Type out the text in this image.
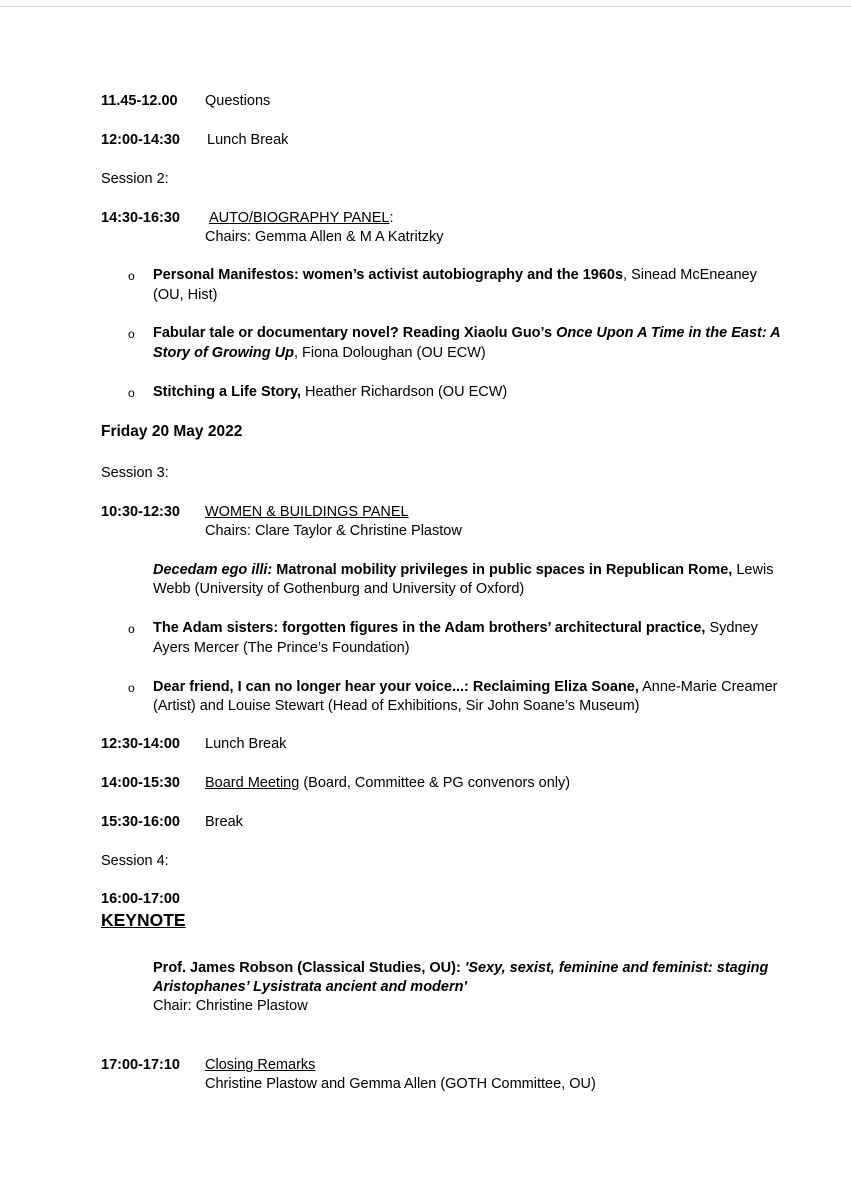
11.45-12.00 Questions
12:00-14:30 Lunch Break
Session 2:
14:30-16:30 AUTO/BIOGRAPHY PANEL:
Chairs: Gemma Allen & M A Katritzky
o Personal Manifestos: women’s activist autobiography and the 1960s, Sinead McEneaney
(OU, Hist)
o Fabular tale or documentary novel? Reading Xiaolu Guo’s Once Upon A Time in the East: A
Story of Growing Up, Fiona Doloughan (OU ECW)
o Stitching a Life Story, Heather Richardson (OU ECW)
Friday 20 May 2022
Session 3:
10:30-12:30 WOMEN & BUILDINGS PANEL
Chairs: Clare Taylor & Christine Plastow
Decedam ego illi: Matronal mobility privileges in public spaces in Republican Rome, Lewis
Webb (University of Gothenburg and University of Oxford)
o The Adam sisters: forgotten figures in the Adam brothers’ architectural practice, Sydney
Ayers Mercer (The Prince’s Foundation)
o Dear friend, I can no longer hear your voice...: Reclaiming Eliza Soane, Anne-Marie Creamer
(Artist) and Louise Stewart (Head of Exhibitions, Sir John Soane’s Museum)
12:30-14:00 Lunch Break
14:00-15:30 Board Meeting (Board, Committee & PG convenors only)
15:30-16:00 Break
Session 4:
16:00-17:00
KEYNOTE
Prof. James Robson (Classical Studies, OU): 'Sexy, sexist, feminine and feminist: staging
Aristophanes’ Lysistrata ancient and modern'
Chair: Christine Plastow
17:00-17:10 Closing Remarks
Christine Plastow and Gemma Allen (GOTH Committee, OU)
